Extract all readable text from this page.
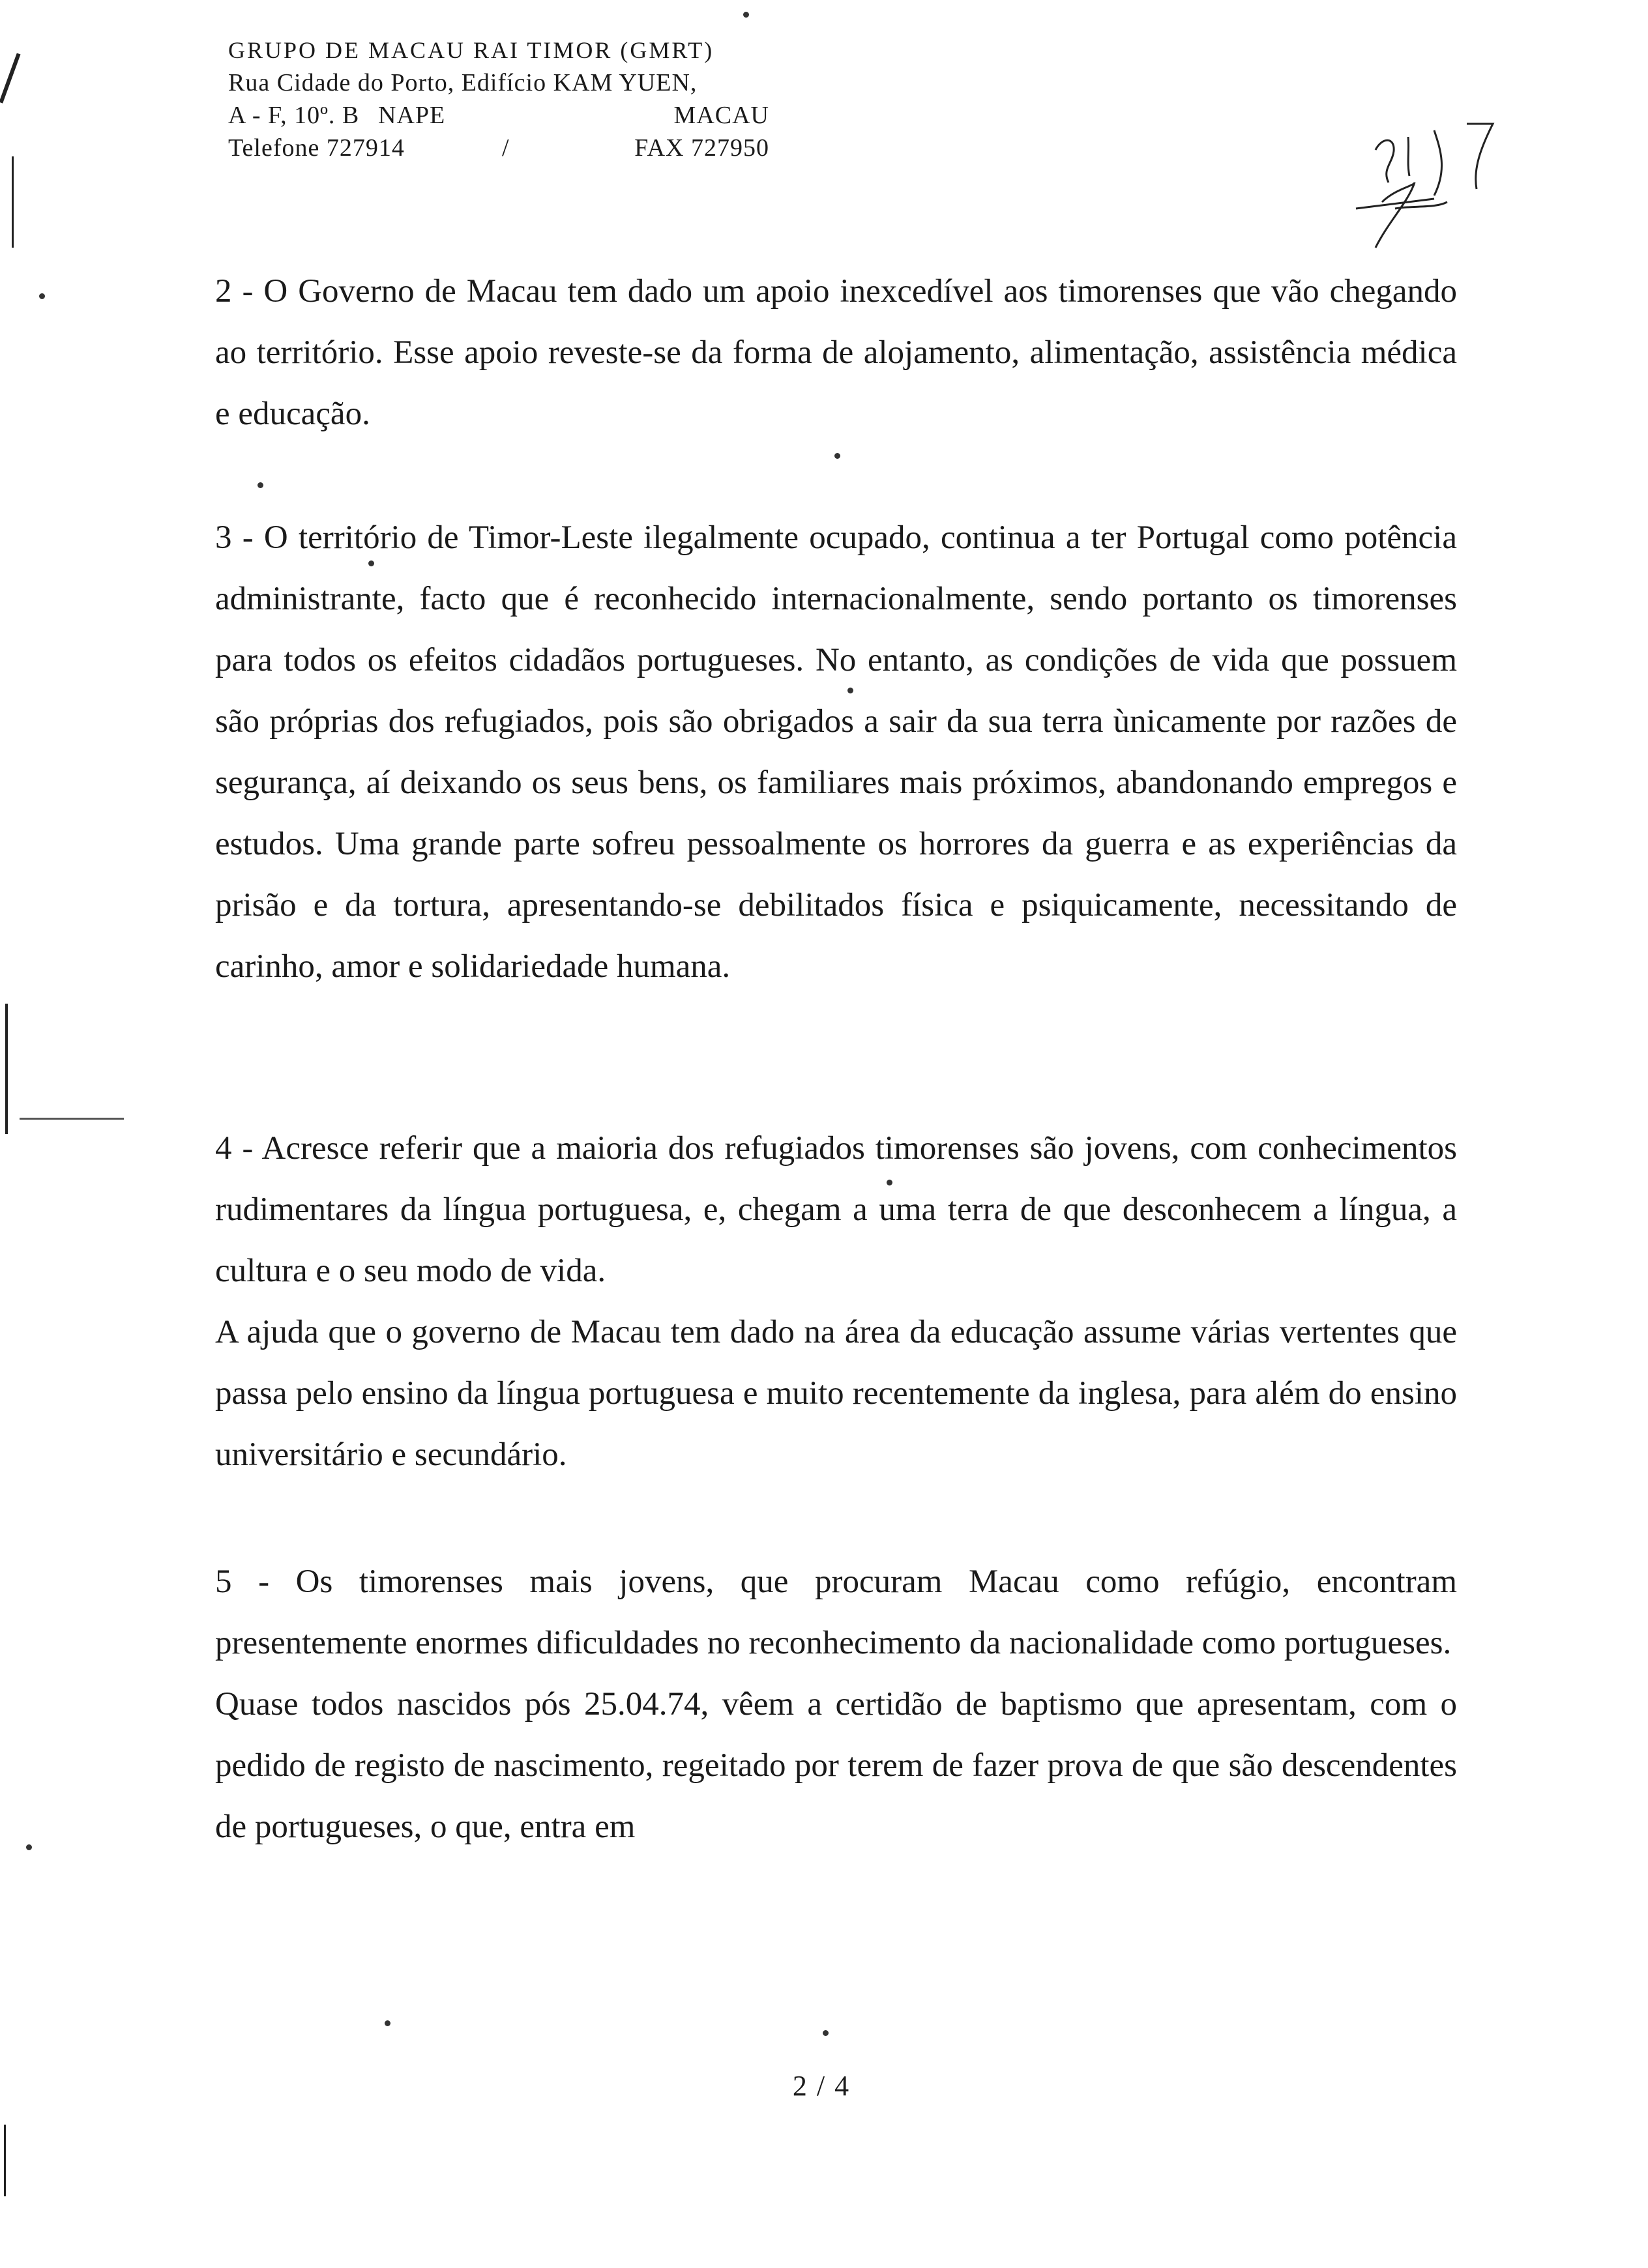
GRUPO DE MACAU RAI TIMOR (GMRT)
Rua Cidade do Porto, Edifício KAM YUEN,
A - F, 10º. B NAPE	MACAU
Telefone 727914	/	FAX 727950

2 - O Governo de Macau tem dado um apoio inexcedível aos timorenses que vão chegando ao território. Esse apoio reveste-se da forma de alojamento, alimentação, assistência médica e educação.

3 - O território de Timor-Leste ilegalmente ocupado, continua a ter Portugal como potência administrante, facto que é reconhecido internacionalmente, sendo portanto os timorenses para todos os efeitos cidadãos portugueses. No entanto, as condições de vida que possuem são próprias dos refugiados, pois são obrigados a sair da sua terra ùnicamente por razões de segurança, aí deixando os seus bens, os familiares mais próximos, abandonando empregos e estudos. Uma grande parte sofreu pessoalmente os horrores da guerra e as experiências da prisão e da tortura, apresentando-se debilitados física e psiquicamente, necessitando de carinho, amor e solidariedade humana.

4 - Acresce referir que a maioria dos refugiados timorenses são jovens, com conhecimentos rudimentares da língua portuguesa, e, chegam a uma terra de que desconhecem a língua, a cultura e o seu modo de vida.

A ajuda que o governo de Macau tem dado na área da educação assume várias vertentes que passa pelo ensino da língua portuguesa e muito recentemente da inglesa, para além do ensino universitário e secundário.

5 - Os timorenses mais jovens, que procuram Macau como refúgio, encontram presentemente enormes dificuldades no reconhecimento da nacionalidade como portugueses.

Quase todos nascidos pós 25.04.74, vêem a certidão de baptismo que apresentam, com o pedido de registo de nascimento, regeitado por terem de fazer prova de que são descendentes de portugueses, o que, entra em

2 / 4
